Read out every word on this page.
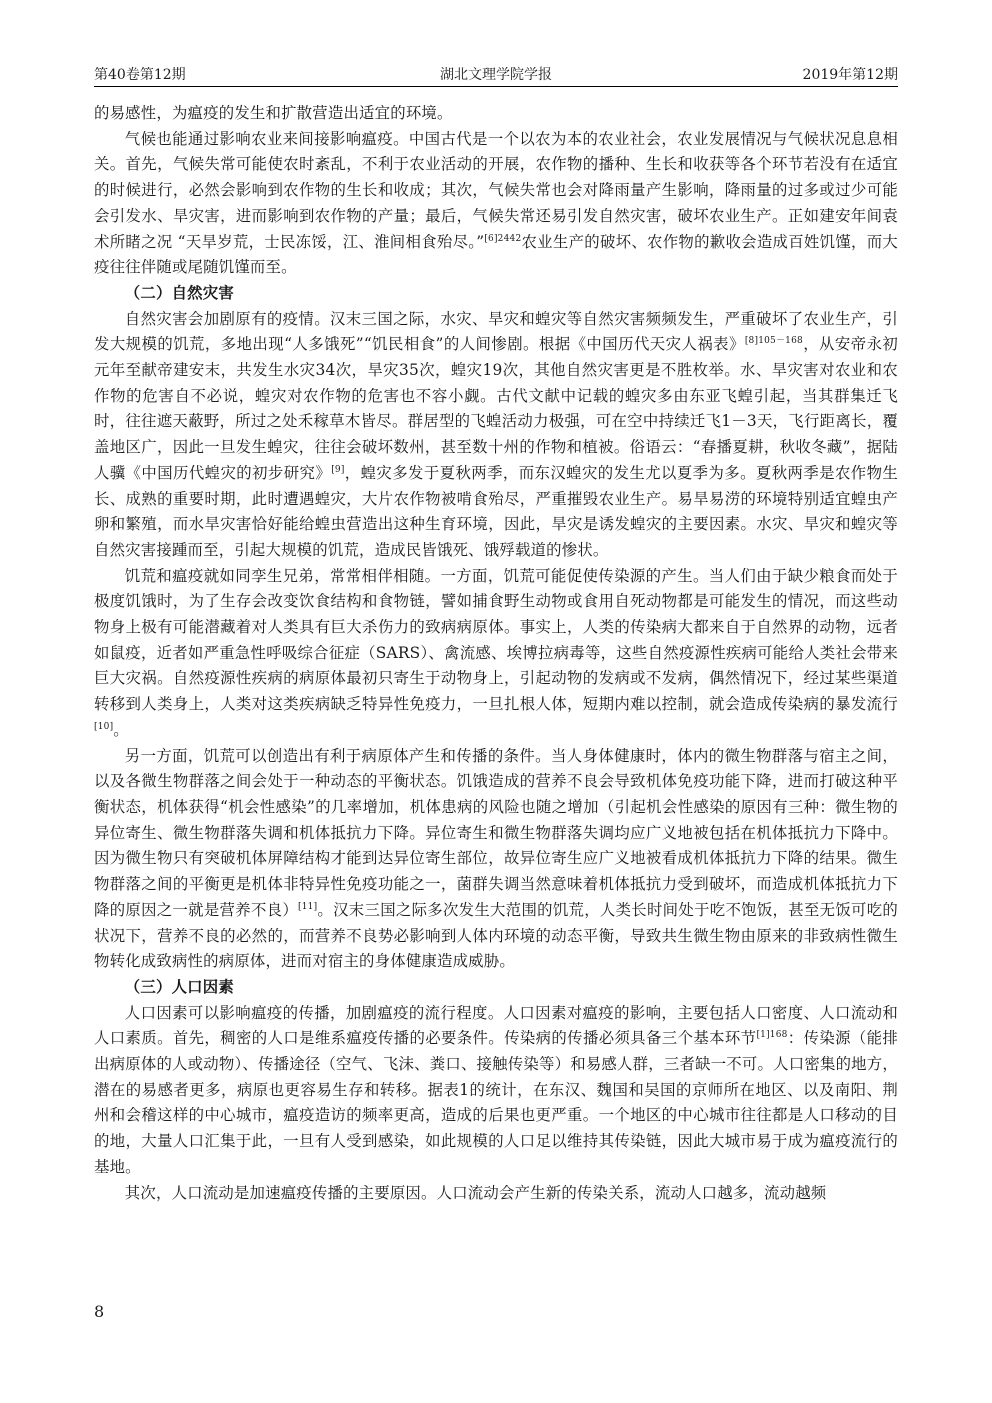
第40卷第12期	湖北文理学院学报	2019年第12期

的易感性，为瘟疫的发生和扩散营造出适宜的环境。

气候也能通过影响农业来间接影响瘟疫。中国古代是一个以农为本的农业社会，农业发展情况与气候状况息息相关。首先，气候失常可能使农时紊乱，不利于农业活动的开展，农作物的播种、生长和收获等各个环节若没有在适宜的时候进行，必然会影响到农作物的生长和收成；其次，气候失常也会对降雨量产生影响，降雨量的过多或过少可能会引发水、旱灾害，进而影响到农作物的产量；最后，气候失常还易引发自然灾害，破坏农业生产。正如建安年间袁术所睹之况 “天旱岁荒，士民冻馁，江、淮间相食殆尽。”$^{[6]2442}$农业生产的破坏、农作物的歉收会造成百姓饥馑，而大疫往往伴随或尾随饥馑而至。

（二）自然灾害

自然灾害会加剧原有的疫情。汉末三国之际，水灾、旱灾和蝗灾等自然灾害频频发生，严重破坏了农业生产，引发大规模的饥荒，多地出现“人多饿死”“饥民相食”的人间惨剧。根据《中国历代天灾人祸表》$^{[8]105-168}$，从安帝永初元年至献帝建安末，共发生水灾34次，旱灾35次，蝗灾19次，其他自然灾害更是不胜枚举。水、旱灾害对农业和农作物的危害自不必说，蝗灾对农作物的危害也不容小觑。古代文献中记载的蝗灾多由东亚飞蝗引起，当其群集迁飞时，往往遮天蔽野，所过之处禾稼草木皆尽。群居型的飞蝗活动力极强，可在空中持续迁飞1－3天，飞行距离长，覆盖地区广，因此一旦发生蝗灾，往往会破坏数州，甚至数十州的作物和植被。俗语云：“春播夏耕，秋收冬藏”，据陆人骥《中国历代蝗灾的初步研究》[9]，蝗灾多发于夏秋两季，而东汉蝗灾的发生尤以夏季为多。夏秋两季是农作物生长、成熟的重要时期，此时遭遇蝗灾，大片农作物被啃食殆尽，严重摧毁农业生产。易旱易涝的环境特别适宜蝗虫产卵和繁殖，而水旱灾害恰好能给蝗虫营造出这种生育环境，因此，旱灾是诱发蝗灾的主要因素。水灾、旱灾和蝗灾等自然灾害接踵而至，引起大规模的饥荒，造成民皆饿死、饿殍载道的惨状。

饥荒和瘟疫就如同孪生兄弟，常常相伴相随。一方面，饥荒可能促使传染源的产生。当人们由于缺少粮食而处于极度饥饿时，为了生存会改变饮食结构和食物链，譬如捕食野生动物或食用自死动物都是可能发生的情况，而这些动物身上极有可能潜藏着对人类具有巨大杀伤力的致病病原体。事实上，人类的传染病大都来自于自然界的动物，远者如鼠疫，近者如严重急性呼吸综合征症（SARS）、禽流感、埃博拉病毒等，这些自然疫源性疾病可能给人类社会带来巨大灾祸。自然疫源性疾病的病原体最初只寄生于动物身上，引起动物的发病或不发病，偶然情况下，经过某些渠道转移到人类身上，人类对这类疾病缺乏特异性免疫力，一旦扎根人体，短期内难以控制，就会造成传染病的暴发流行[10]。

另一方面，饥荒可以创造出有利于病原体产生和传播的条件。当人身体健康时，体内的微生物群落与宿主之间，以及各微生物群落之间会处于一种动态的平衡状态。饥饿造成的营养不良会导致机体免疫功能下降，进而打破这种平衡状态，机体获得“机会性感染”的几率增加，机体患病的风险也随之增加（引起机会性感染的原因有三种：微生物的异位寄生、微生物群落失调和机体抵抗力下降。异位寄生和微生物群落失调均应广义地被包括在机体抵抗力下降中。因为微生物只有突破机体屏障结构才能到达异位寄生部位，故异位寄生应广义地被看成机体抵抗力下降的结果。微生物群落之间的平衡更是机体非特异性免疫功能之一，菌群失调当然意味着机体抵抗力受到破坏，而造成机体抵抗力下降的原因之一就是营养不良）[11]。汉末三国之际多次发生大范围的饥荒，人类长时间处于吃不饱饭，甚至无饭可吃的状况下，营养不良的必然的，而营养不良势必影响到人体内环境的动态平衡，导致共生微生物由原来的非致病性微生物转化成致病性的病原体，进而对宿主的身体健康造成威胁。

（三）人口因素

人口因素可以影响瘟疫的传播，加剧瘟疫的流行程度。人口因素对瘟疫的影响，主要包括人口密度、人口流动和人口素质。首先，稠密的人口是维系瘟疫传播的必要条件。传染病的传播必须具备三个基本环节$^{[1]168}$：传染源（能排出病原体的人或动物）、传播途径（空气、飞沫、粪口、接触传染等）和易感人群，三者缺一不可。人口密集的地方，潜在的易感者更多，病原也更容易生存和转移。据表1的统计，在东汉、魏国和吴国的京师所在地区、以及南阳、荆州和会稽这样的中心城市，瘟疫造访的频率更高，造成的后果也更严重。一个地区的中心城市往往都是人口移动的目的地，大量人口汇集于此，一旦有人受到感染，如此规模的人口足以维持其传染链，因此大城市易于成为瘟疫流行的基地。

其次，人口流动是加速瘟疫传播的主要原因。人口流动会产生新的传染关系，流动人口越多，流动越频

8
